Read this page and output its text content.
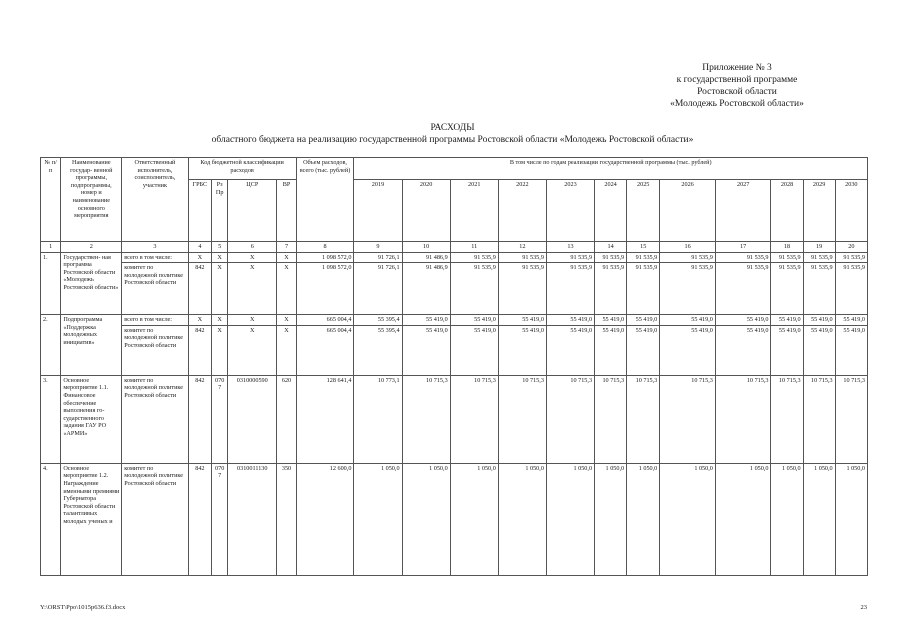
Приложение № 3
к государственной программе
Ростовской области
«Молодежь Ростовской области»
РАСХОДЫ
областного бюджета на реализацию государственной программы Ростовской области «Молодежь Ростовской области»
№ п/п	Наименование государ- венной программы, подпрограммы, номер и наименование основного мероприятия	Ответственный исполнитель, соисполнитель, участник	Код бюджетной классификации расходов				Объем расходов, всего (тыс. рублей)	В том числе по годам реализации государственной программы (тыс. рублей)											
			ГРБС	Рз Пр	ЦСР	ВР		2019	2020	2021	2022	2023	2024	2025	2026	2027	2028	2029	2030
1	2	3	4	5	6	7	8	9	10	11	12	13	14	15	16	17	18	19	20
1.	Государствен- ная программа Ростовской области «Молодежь Ростовской области»	всего в том числе:	Х	Х	Х	Х	1 098 572,0	91 726,1	91 486,9	91 535,9	91 535,9	91 535,9	91 535,9	91 535,9	91 535,9	91 535,9	91 535,9	91 535,9	91 535,9
		комитет по молодежной политике Ростовской области	842	Х	Х	Х	1 098 572,0	91 726,1	91 486,9	91 535,9	91 535,9	91 535,9	91 535,9	91 535,9	91 535,9	91 535,9	91 535,9	91 535,9	91 535,9
2.	Подпрограмма «Поддержка молодежных инициатив»	всего в том числе:	Х	Х	Х	Х	665 004,4	55 395,4	55 419,0	55 419,0	55 419,0	55 419,0	55 419,0	55 419,0	55 419,0	55 419,0	55 419,0	55 419,0	55 419,0
		комитет по молодежной политике Ростовской области	842	Х	Х	Х	665 004,4	55 395,4	55 419,0	55 419,0	55 419,0	55 419,0	55 419,0	55 419,0	55 419,0	55 419,0	55 419,0	55 419,0	55 419,0
3.	Основное мероприятие 1.1. Финансовое обеспечение выполнения го- сударственного задания ГАУ РО «АРМИ»	комитет по молодежной политике Ростовской области	842	0707	0310000590	620	128 641,4	10 773,1	10 715,3	10 715,3	10 715,3	10 715,3	10 715,3	10 715,3	10 715,3	10 715,3	10 715,3	10 715,3	10 715,3
4.	Основное мероприятие 1.2. Награждение именными премиями Губернатора Ростовской области талантливых молодых ученых и	комитет по молодежной политике Ростовской области	842	0707	0310011130	350	12 600,0	1 050,0	1 050,0	1 050,0	1 050,0	1 050,0	1 050,0	1 050,0	1 050,0	1 050,0	1 050,0	1 050,0	1 050,0
Y:\ORST\Ppo\1015p636.f3.docx	23
